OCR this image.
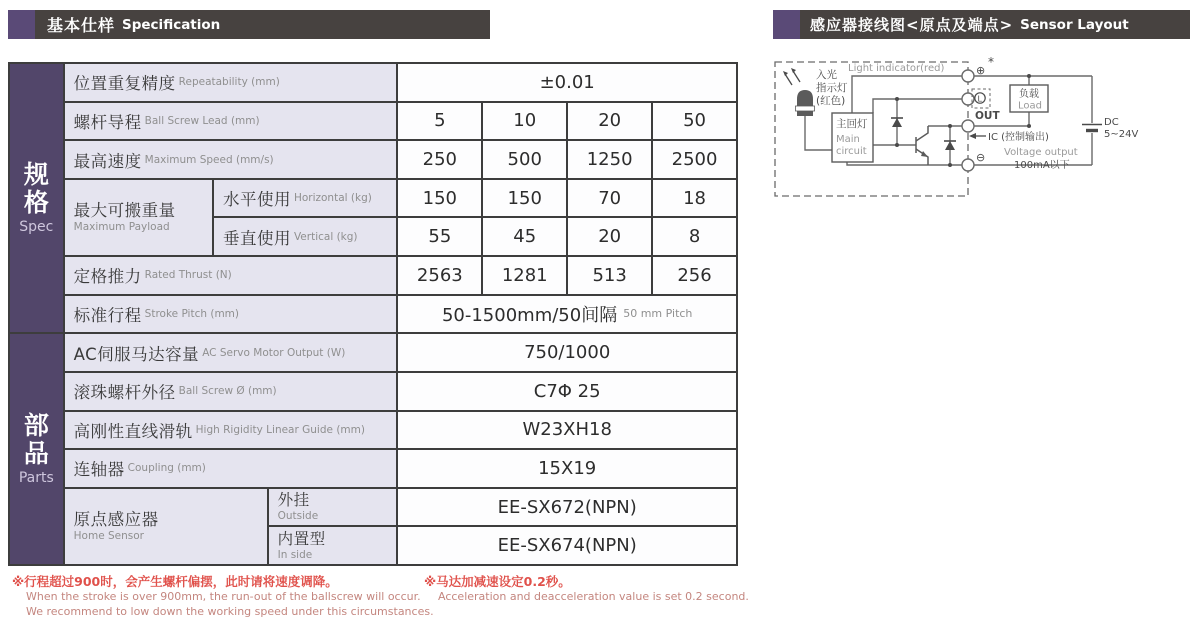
基本仕样 Specification	感应器接线图<原点及端点> Sensor Layout
规格
Spec
部品
Parts
位置重复精度 Repeatability (mm)	±0.01
螺杆导程 Ball Screw Lead (mm)	5	10	20	50
最高速度 Maximum Speed (mm/s)	250	500	1250	2500
最大可搬重量
Maximum Payload
水平使用 Horizontal (kg)	150	150	70	18
垂直使用 Vertical (kg)	55	45	20	8
定格推力 Rated Thrust (N)	2563	1281	513	256
标准行程 Stroke Pitch (mm)	50-1500mm/50间隔 50 mm Pitch
AC伺服马达容量 AC Servo Motor Output (W)	750/1000
滚珠螺杆外径 Ball Screw Ø (mm)	C7Φ 25
高刚性直线滑轨 High Rigidity Linear Guide (mm)	W23XH18
连轴器 Coupling (mm)	15X19
原点感应器
Home Sensor
外挂
Outside	EE-SX672(NPN)
内置型
In side	EE-SX674(NPN)
※行程超过900时，会产生螺杆偏摆，此时请将速度调降。
When the stroke is over 900mm, the run-out of the ballscrew will occur.
We recommend to low down the working speed under this circumstances.
※马达加减速设定0.2秒。
Acceleration and deacceleration value is set 0.2 second.
入光
指示灯
(红色)
Light indicator(red)
主回灯
Main
circuit
⊕
*
L
OUT
⊖
IC (控制输出)
Voltage output
100mA以下
负载
Load
DC
5~24V
